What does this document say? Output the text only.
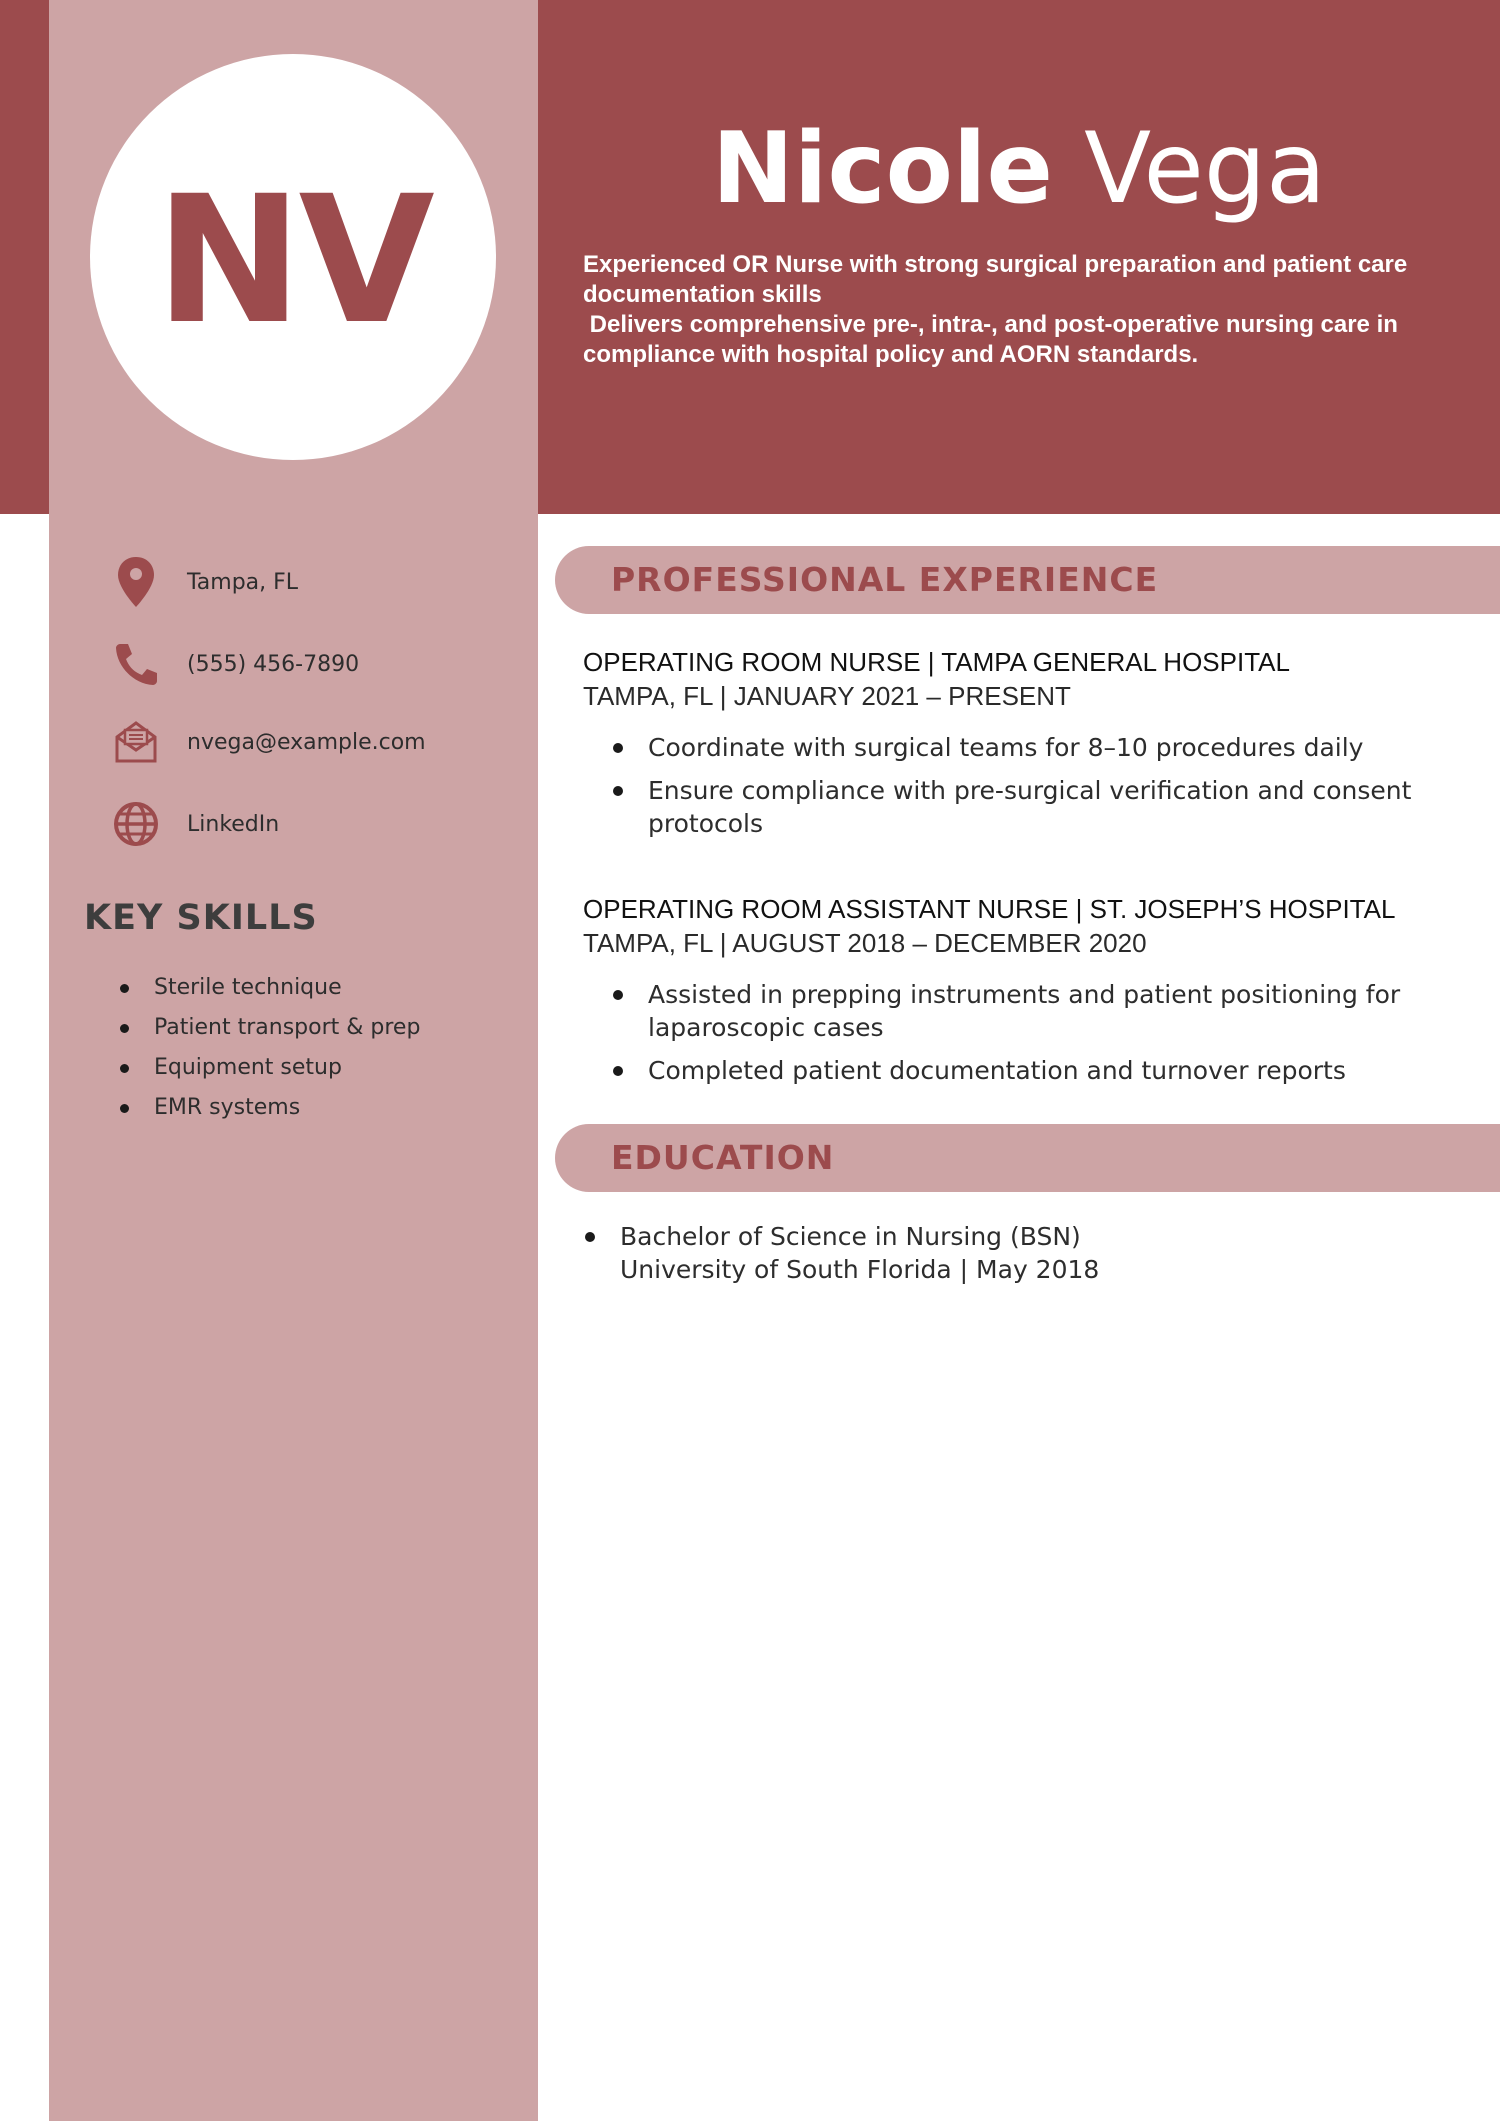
NV	Nicole Vega
Experienced OR Nurse with strong surgical preparation and patient care documentation skills
Delivers comprehensive pre-, intra-, and post-operative nursing care in compliance with hospital policy and AORN standards.
Tampa, FL
(555) 456-7890
nvega@example.com
LinkedIn
KEY SKILLS
Sterile technique
Patient transport & prep
Equipment setup
EMR systems
PROFESSIONAL EXPERIENCE
OPERATING ROOM NURSE | TAMPA GENERAL HOSPITAL
TAMPA, FL | JANUARY 2021 – PRESENT
Coordinate with surgical teams for 8–10 procedures daily
Ensure compliance with pre-surgical verification and consent protocols
OPERATING ROOM ASSISTANT NURSE | ST. JOSEPH’S HOSPITAL
TAMPA, FL | AUGUST 2018 – DECEMBER 2020
Assisted in prepping instruments and patient positioning for laparoscopic cases
Completed patient documentation and turnover reports
EDUCATION
Bachelor of Science in Nursing (BSN)
University of South Florida | May 2018
